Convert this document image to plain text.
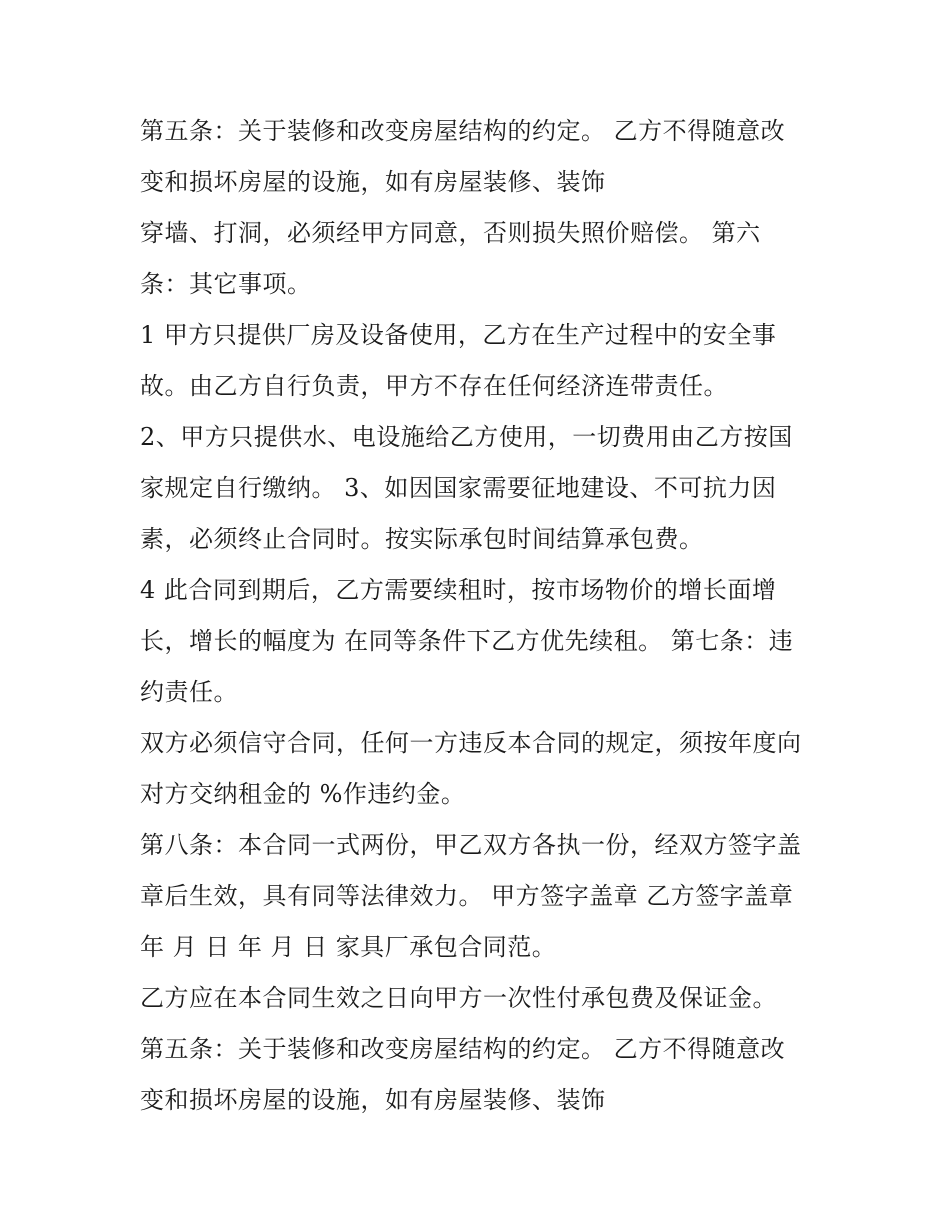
第五条：关于装修和改变房屋结构的约定。 乙方不得随意改
变和损坏房屋的设施，如有房屋装修、装饰
穿墙、打洞，必须经甲方同意，否则损失照价赔偿。 第六
条：其它事项。
1 甲方只提供厂房及设备使用，乙方在生产过程中的安全事
故。由乙方自行负责，甲方不存在任何经济连带责任。
2、甲方只提供水、电设施给乙方使用，一切费用由乙方按国
家规定自行缴纳。 3、如因国家需要征地建设、不可抗力因
素，必须终止合同时。按实际承包时间结算承包费。
4 此合同到期后，乙方需要续租时，按市场物价的增长面增
长，增长的幅度为 在同等条件下乙方优先续租。 第七条：违
约责任。
双方必须信守合同，任何一方违反本合同的规定，须按年度向
对方交纳租金的 %作违约金。
第八条：本合同一式两份，甲乙双方各执一份，经双方签字盖
章后生效，具有同等法律效力。 甲方签字盖章 乙方签字盖章
年 月 日 年 月 日 家具厂承包合同范。
乙方应在本合同生效之日向甲方一次性付承包费及保证金。
第五条：关于装修和改变房屋结构的约定。 乙方不得随意改
变和损坏房屋的设施，如有房屋装修、装饰
